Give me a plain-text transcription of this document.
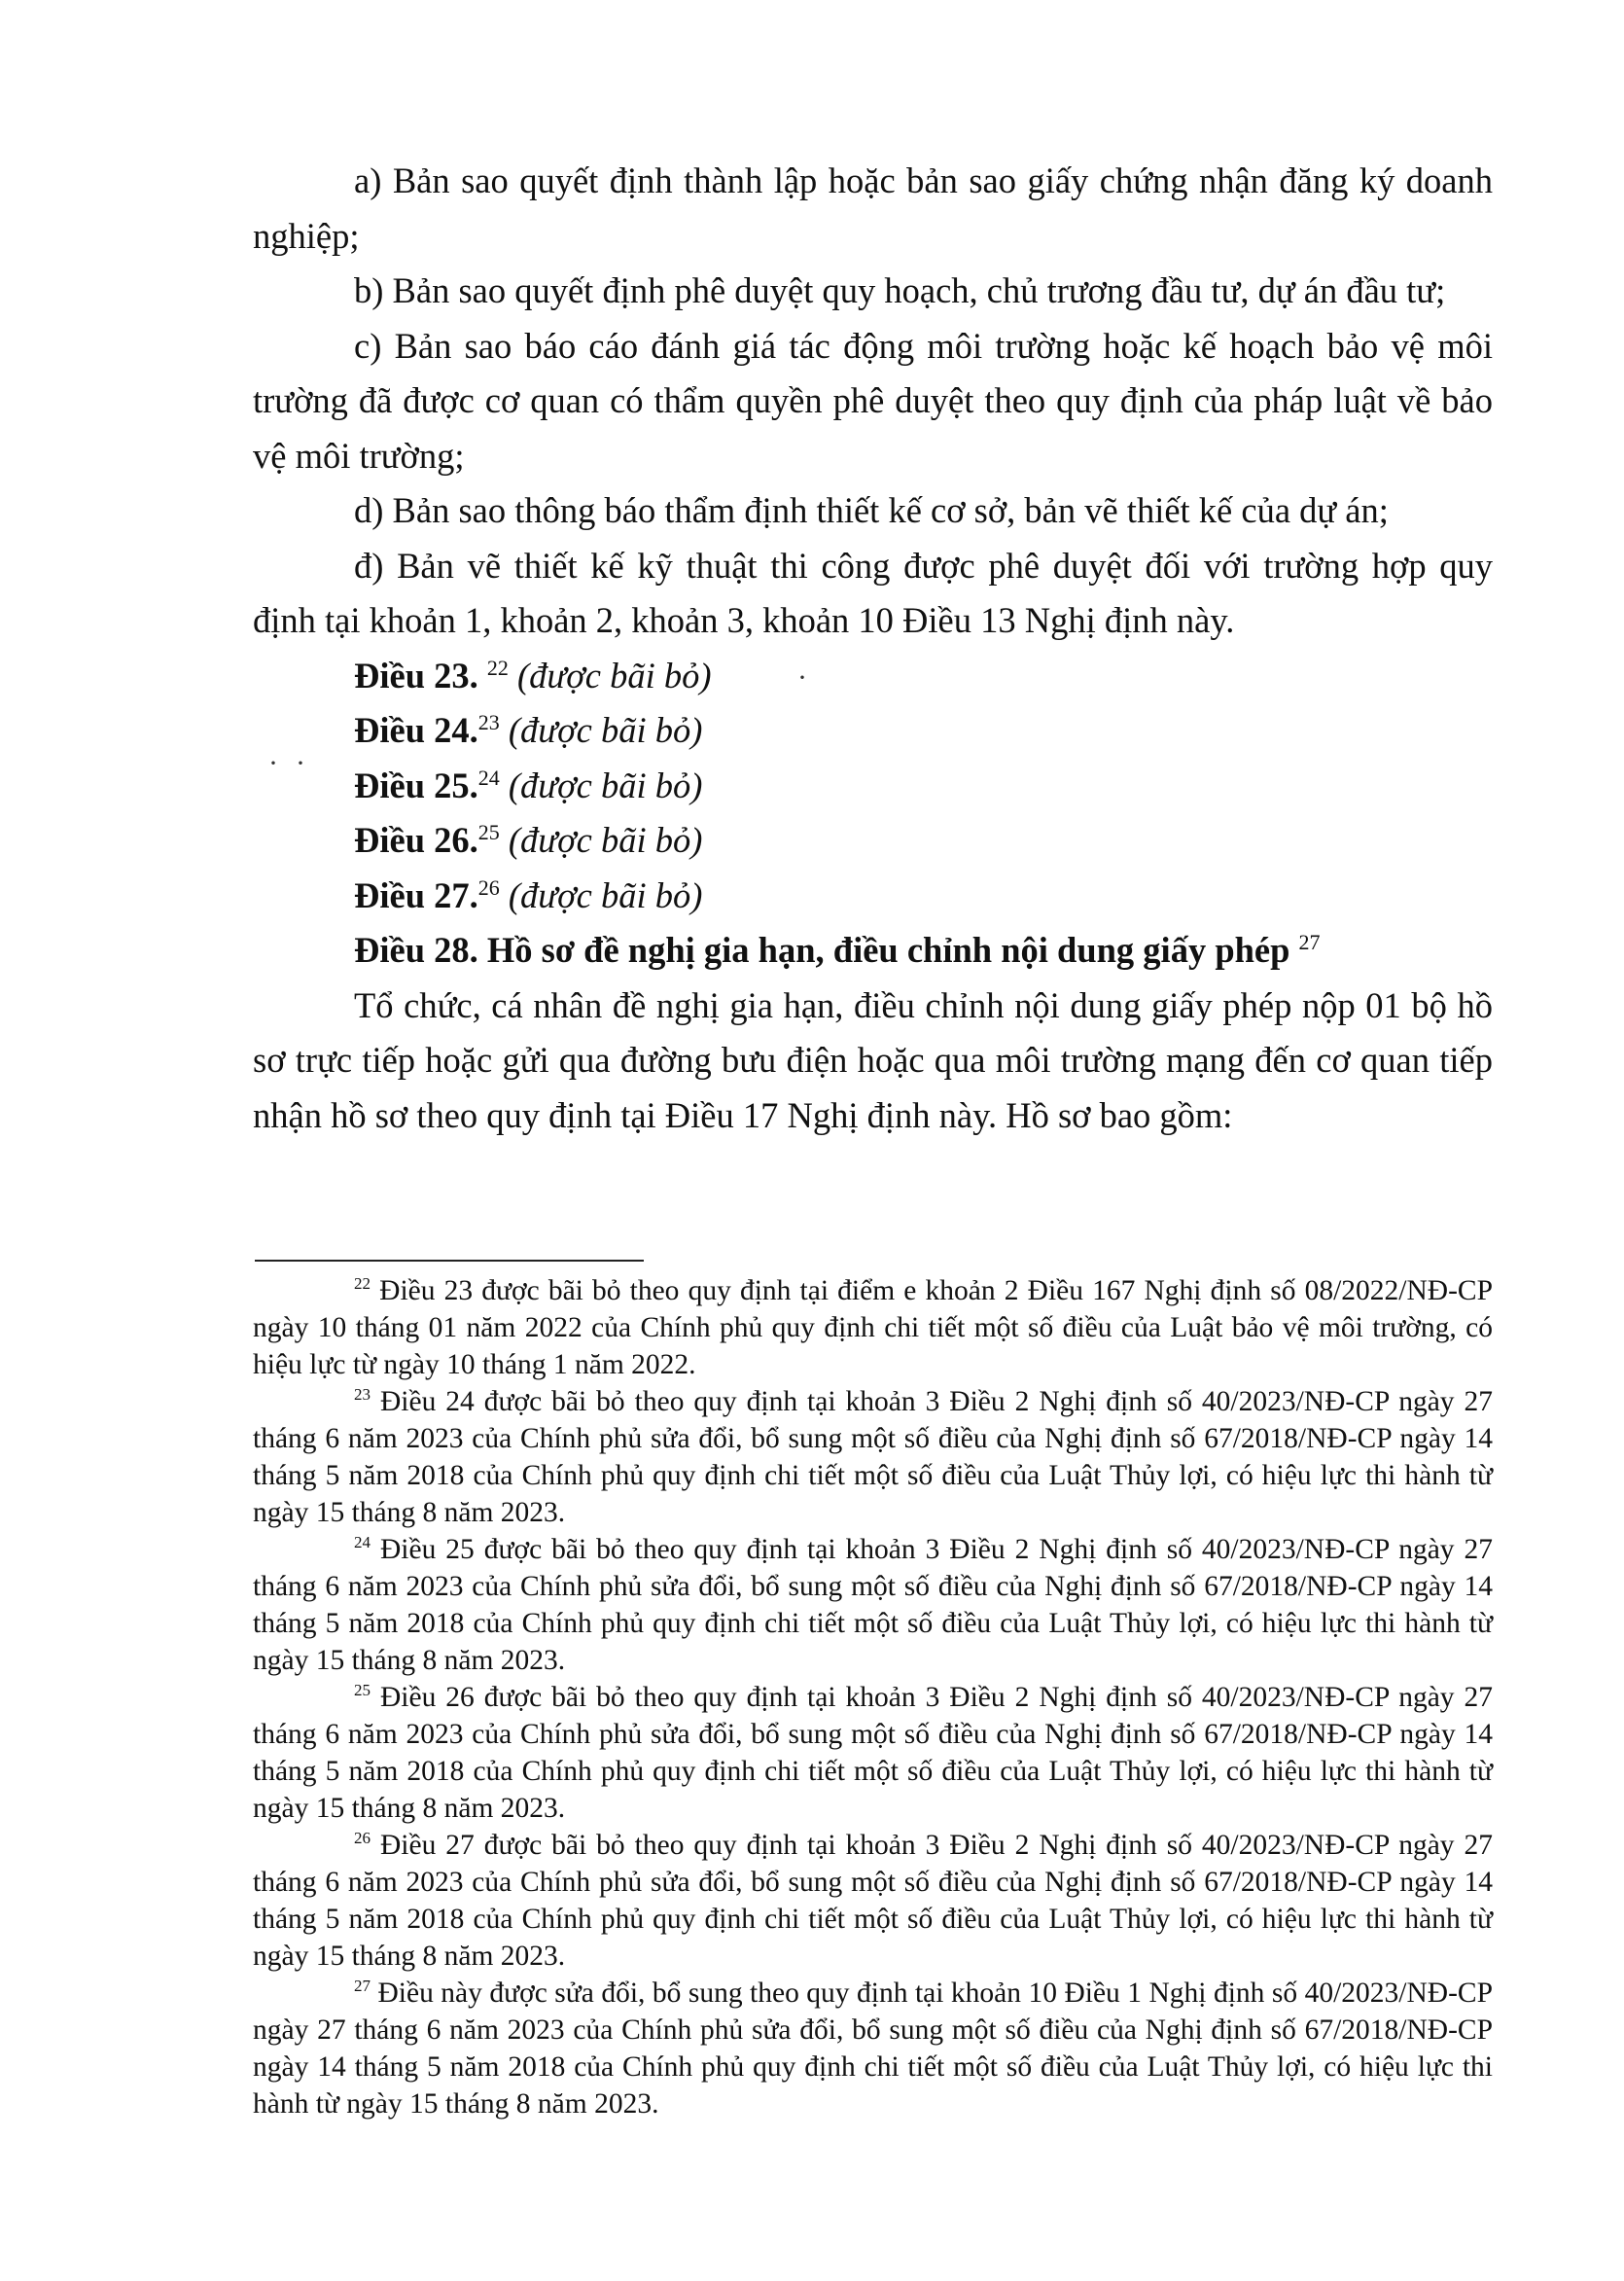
a) Bản sao quyết định thành lập hoặc bản sao giấy chứng nhận đăng ký doanh nghiệp;

b) Bản sao quyết định phê duyệt quy hoạch, chủ trương đầu tư, dự án đầu tư;

c) Bản sao báo cáo đánh giá tác động môi trường hoặc kế hoạch bảo vệ môi trường đã được cơ quan có thẩm quyền phê duyệt theo quy định của pháp luật về bảo vệ môi trường;

d) Bản sao thông báo thẩm định thiết kế cơ sở, bản vẽ thiết kế của dự án;

đ) Bản vẽ thiết kế kỹ thuật thi công được phê duyệt đối với trường hợp quy định tại khoản 1, khoản 2, khoản 3, khoản 10 Điều 13 Nghị định này.

Điều 23. $^{22}$ (được bãi bỏ)

Điều 24.23 (được bãi bỏ)

Điều 25.24 (được bãi bỏ)

Điều 26.25 (được bãi bỏ)

Điều 27.26 (được bãi bỏ)

Điều 28. Hồ sơ đề nghị gia hạn, điều chỉnh nội dung giấy phép $^{27}$

Tổ chức, cá nhân đề nghị gia hạn, điều chỉnh nội dung giấy phép nộp 01 bộ hồ sơ trực tiếp hoặc gửi qua đường bưu điện hoặc qua môi trường mạng đến cơ quan tiếp nhận hồ sơ theo quy định tại Điều 17 Nghị định này. Hồ sơ bao gồm:

··
·

$^{22}$ Điều 23 được bãi bỏ theo quy định tại điểm e khoản 2 Điều 167 Nghị định số 08/2022/NĐ-CP ngày 10 tháng 01 năm 2022 của Chính phủ quy định chi tiết một số điều của Luật bảo vệ môi trường, có hiệu lực từ ngày 10 tháng 1 năm 2022.

$^{23}$ Điều 24 được bãi bỏ theo quy định tại khoản 3 Điều 2 Nghị định số 40/2023/NĐ-CP ngày 27 tháng 6 năm 2023 của Chính phủ sửa đổi, bổ sung một số điều của Nghị định số 67/2018/NĐ-CP ngày 14 tháng 5 năm 2018 của Chính phủ quy định chi tiết một số điều của Luật Thủy lợi, có hiệu lực thi hành từ ngày 15 tháng 8 năm 2023.

$^{24}$ Điều 25 được bãi bỏ theo quy định tại khoản 3 Điều 2 Nghị định số 40/2023/NĐ-CP ngày 27 tháng 6 năm 2023 của Chính phủ sửa đổi, bổ sung một số điều của Nghị định số 67/2018/NĐ-CP ngày 14 tháng 5 năm 2018 của Chính phủ quy định chi tiết một số điều của Luật Thủy lợi, có hiệu lực thi hành từ ngày 15 tháng 8 năm 2023.

$^{25}$ Điều 26 được bãi bỏ theo quy định tại khoản 3 Điều 2 Nghị định số 40/2023/NĐ-CP ngày 27 tháng 6 năm 2023 của Chính phủ sửa đổi, bổ sung một số điều của Nghị định số 67/2018/NĐ-CP ngày 14 tháng 5 năm 2018 của Chính phủ quy định chi tiết một số điều của Luật Thủy lợi, có hiệu lực thi hành từ ngày 15 tháng 8 năm 2023.

$^{26}$ Điều 27 được bãi bỏ theo quy định tại khoản 3 Điều 2 Nghị định số 40/2023/NĐ-CP ngày 27 tháng 6 năm 2023 của Chính phủ sửa đổi, bổ sung một số điều của Nghị định số 67/2018/NĐ-CP ngày 14 tháng 5 năm 2018 của Chính phủ quy định chi tiết một số điều của Luật Thủy lợi, có hiệu lực thi hành từ ngày 15 tháng 8 năm 2023.

$^{27}$ Điều này được sửa đổi, bổ sung theo quy định tại khoản 10 Điều 1 Nghị định số 40/2023/NĐ-CP ngày 27 tháng 6 năm 2023 của Chính phủ sửa đổi, bổ sung một số điều của Nghị định số 67/2018/NĐ-CP ngày 14 tháng 5 năm 2018 của Chính phủ quy định chi tiết một số điều của Luật Thủy lợi, có hiệu lực thi hành từ ngày 15 tháng 8 năm 2023.
